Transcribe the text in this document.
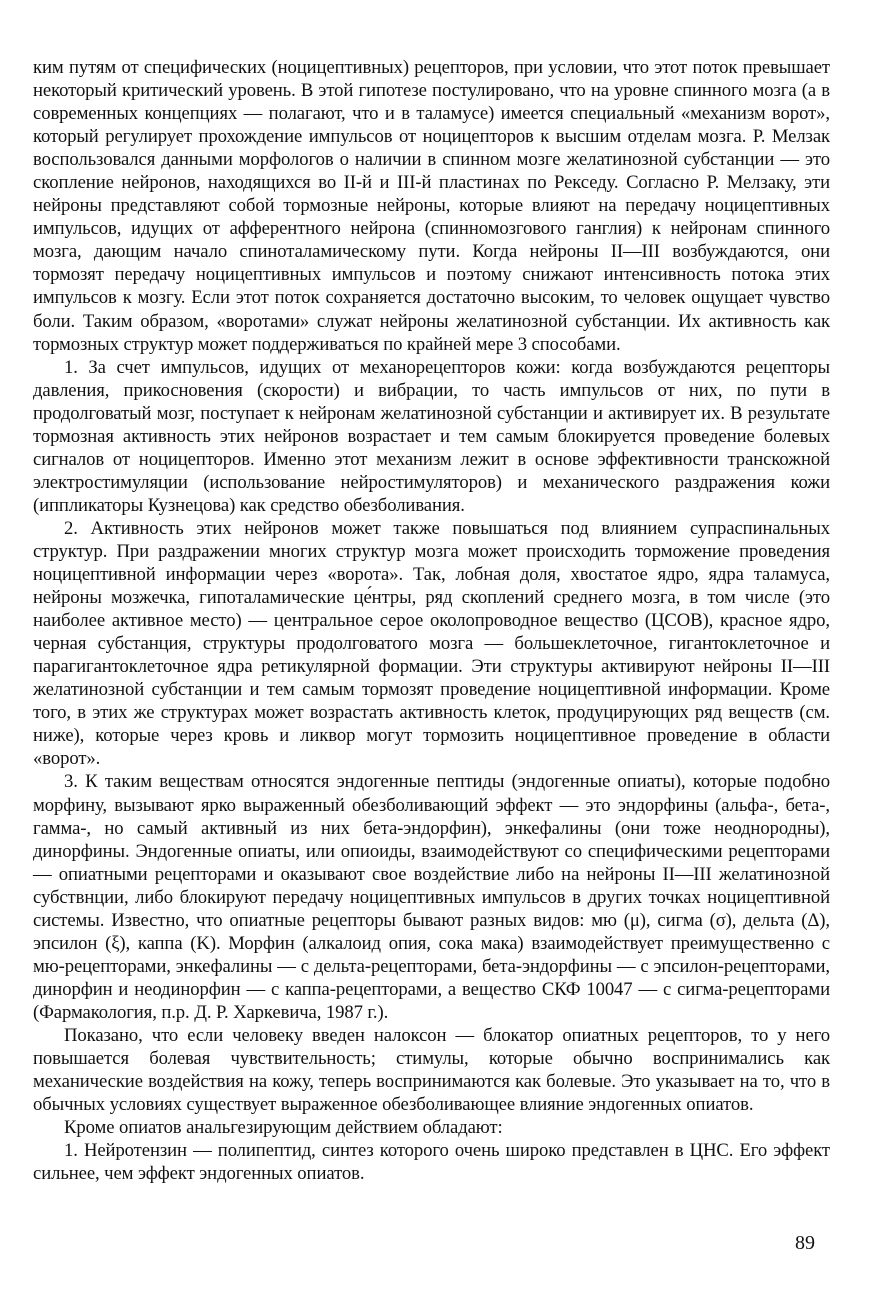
ким путям от специфических (ноцицептивных) рецепторов, при условии, что этот поток превышает некоторый критический уровень. В этой гипотезе постулировано, что на уровне спинного мозга (а в современных концепциях — полагают, что и в таламусе) имеется специальный «механизм ворот», который регулирует прохождение импульсов от ноцицепторов к высшим отделам мозга. Р. Мелзак воспользовался данными морфологов о наличии в спинном мозге желатинозной субстанции — это скопление нейронов, находящихся во II-й и III-й пластинах по Рекседу. Согласно Р. Мелзаку, эти нейроны представляют собой тормозные нейроны, которые влияют на передачу ноцицептивных импульсов, идущих от афферентного нейрона (спинномозгового ганглия) к нейронам спинного мозга, дающим начало спиноталамическому пути. Когда нейроны II—III возбуждаются, они тормозят передачу ноцицептивных импульсов и поэтому снижают интенсивность потока этих импульсов к мозгу. Если этот поток сохраняется достаточно высоким, то человек ощущает чувство боли. Таким образом, «воротами» служат нейроны желатинозной субстанции. Их активность как тормозных структур может поддерживаться по крайней мере 3 способами.

1. За счет импульсов, идущих от механорецепторов кожи: когда возбуждаются рецепторы давления, прикосновения (скорости) и вибрации, то часть импульсов от них, по пути в продолговатый мозг, поступает к нейронам желатинозной субстанции и активирует их. В результате тормозная активность этих нейронов возрастает и тем самым блокируется проведение болевых сигналов от ноцицепторов. Именно этот механизм лежит в основе эффективности транскожной электростимуляции (использование нейростимуляторов) и механического раздражения кожи (иппликаторы Кузнецова) как средство обезболивания.

2. Активность этих нейронов может также повышаться под влиянием супраспинальных структур. При раздражении многих структур мозга может происходить торможение проведения ноцицептивной информации через «ворота». Так, лобная доля, хвостатое ядро, ядра таламуса, нейроны мозжечка, гипоталамические це́нтры, ряд скоплений среднего мозга, в том числе (это наиболее активное место) — центральное серое околопроводное вещество (ЦСОВ), красное ядро, черная субстанция, структуры продолговатого мозга — большеклеточное, гигантоклеточное и парагигантоклеточное ядра ретикулярной формации. Эти структуры активируют нейроны II—III желатинозной субстанции и тем самым тормозят проведение ноцицептивной информации. Кроме того, в этих же структурах может возрастать активность клеток, продуцирующих ряд веществ (см. ниже), которые через кровь и ликвор могут тормозить ноцицептивное проведение в области «ворот».

3. К таким веществам относятся эндогенные пептиды (эндогенные опиаты), которые подобно морфину, вызывают ярко выраженный обезболивающий эффект — это эндорфины (альфа-, бета-, гамма-, но самый активный из них бета-эндорфин), энкефалины (они тоже неоднородны), динорфины. Эндогенные опиаты, или опиоиды, взаимодействуют со специфическими рецепторами — опиатными рецепторами и оказывают свое воздействие либо на нейроны II—III желатинозной субствнции, либо блокируют передачу ноцицептивных импульсов в других точках ноцицептивной системы. Известно, что опиатные рецепторы бывают разных видов: мю (μ), сигма (σ), дельта (Δ), эпсилон (ξ), каппа (K). Морфин (алкалоид опия, сока мака) взаимодействует преимущественно с мю-рецепторами, энкефалины — с дельта-рецепторами, бета-эндорфины — с эпсилон-рецепторами, динорфин и неодинорфин — с каппа-рецепторами, а вещество СКФ 10047 — с сигма-рецепторами (Фармакология, п.р. Д. Р. Харкевича, 1987 г.).

Показано, что если человеку введен налоксон — блокатор опиатных рецепторов, то у него повышается болевая чувствительность; стимулы, которые обычно воспринимались как механические воздействия на кожу, теперь воспринимаются как болевые. Это указывает на то, что в обычных условиях существует выраженное обезболивающее влияние эндогенных опиатов.

Кроме опиатов анальгезирующим действием обладают:

1. Нейротензин — полипептид, синтез которого очень широко представлен в ЦНС. Его эффект сильнее, чем эффект эндогенных опиатов.

89
